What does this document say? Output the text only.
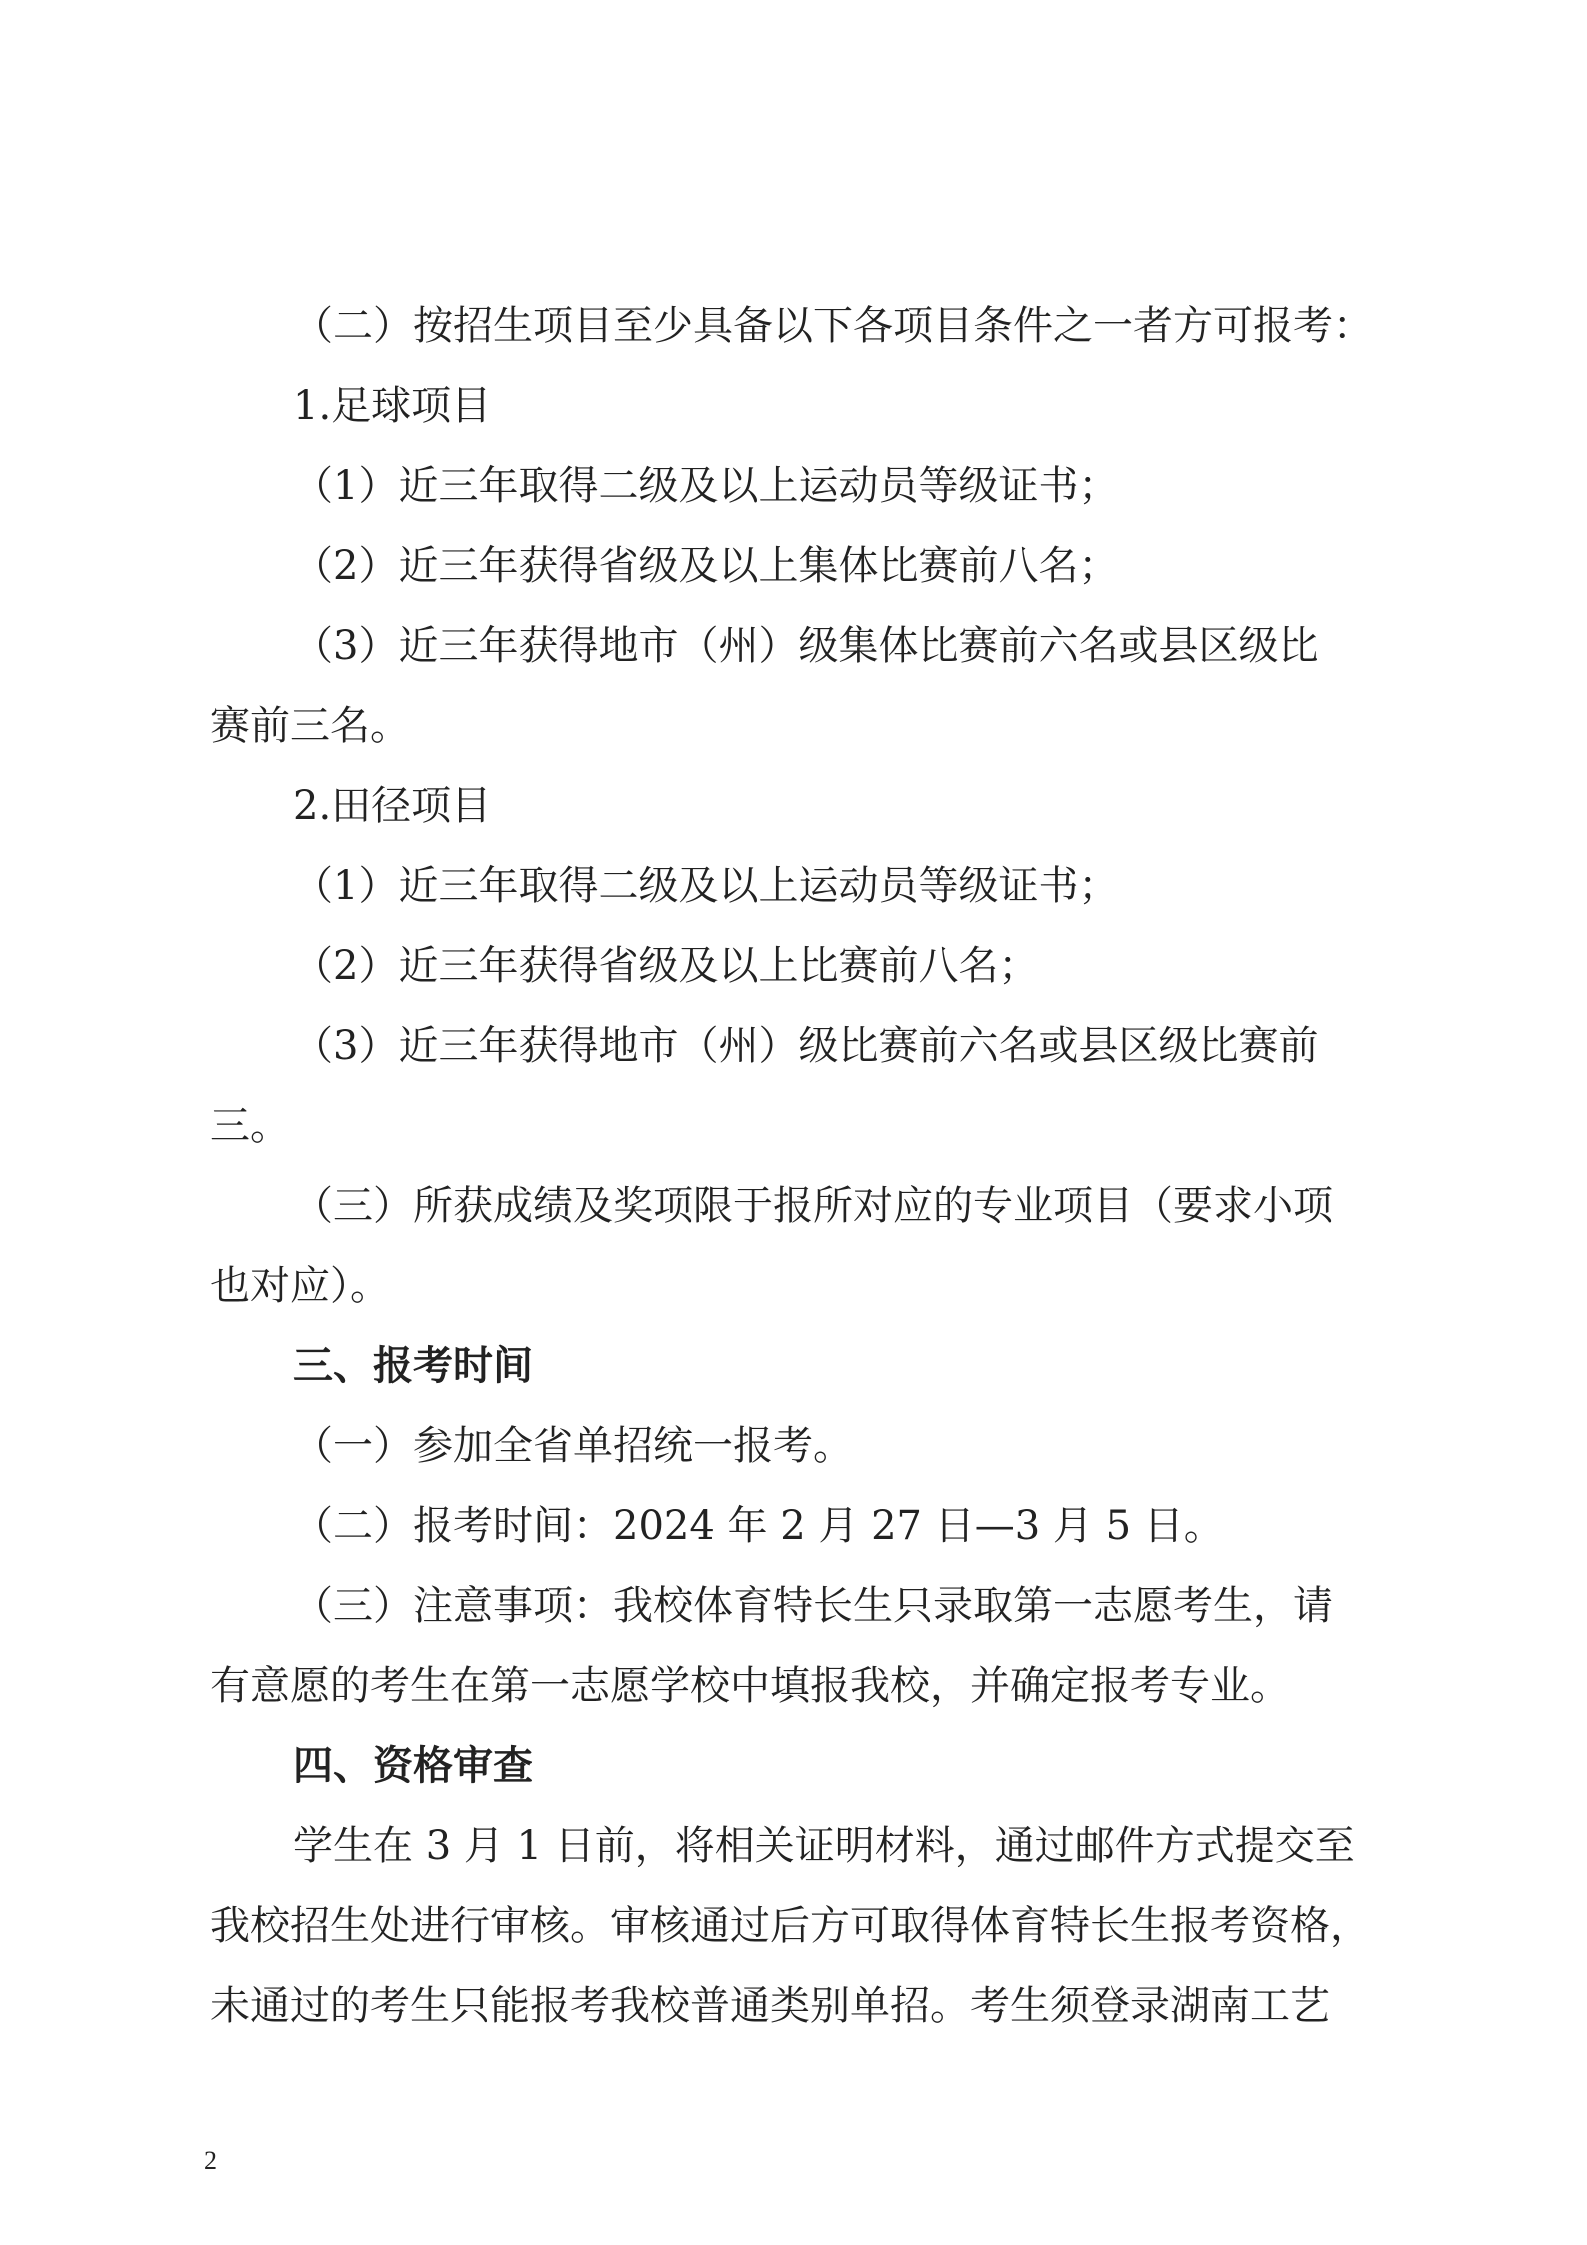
（二）按招生项目至少具备以下各项目条件之一者方可报考：
1.足球项目
（1）近三年取得二级及以上运动员等级证书；
（2）近三年获得省级及以上集体比赛前八名；
（3）近三年获得地市（州）级集体比赛前六名或县区级比
赛前三名。
2.田径项目
（1）近三年取得二级及以上运动员等级证书；
（2）近三年获得省级及以上比赛前八名；
（3）近三年获得地市（州）级比赛前六名或县区级比赛前
三。
（三）所获成绩及奖项限于报所对应的专业项目（要求小项
也对应）。
三、报考时间
（一）参加全省单招统一报考。
（二）报考时间：2024 年 2 月 27 日—3 月 5 日。
（三）注意事项：我校体育特长生只录取第一志愿考生，请
有意愿的考生在第一志愿学校中填报我校，并确定报考专业。
四、资格审查
学生在 3 月 1 日前，将相关证明材料，通过邮件方式提交至
我校招生处进行审核。审核通过后方可取得体育特长生报考资格，
未通过的考生只能报考我校普通类别单招。考生须登录湖南工艺
2
